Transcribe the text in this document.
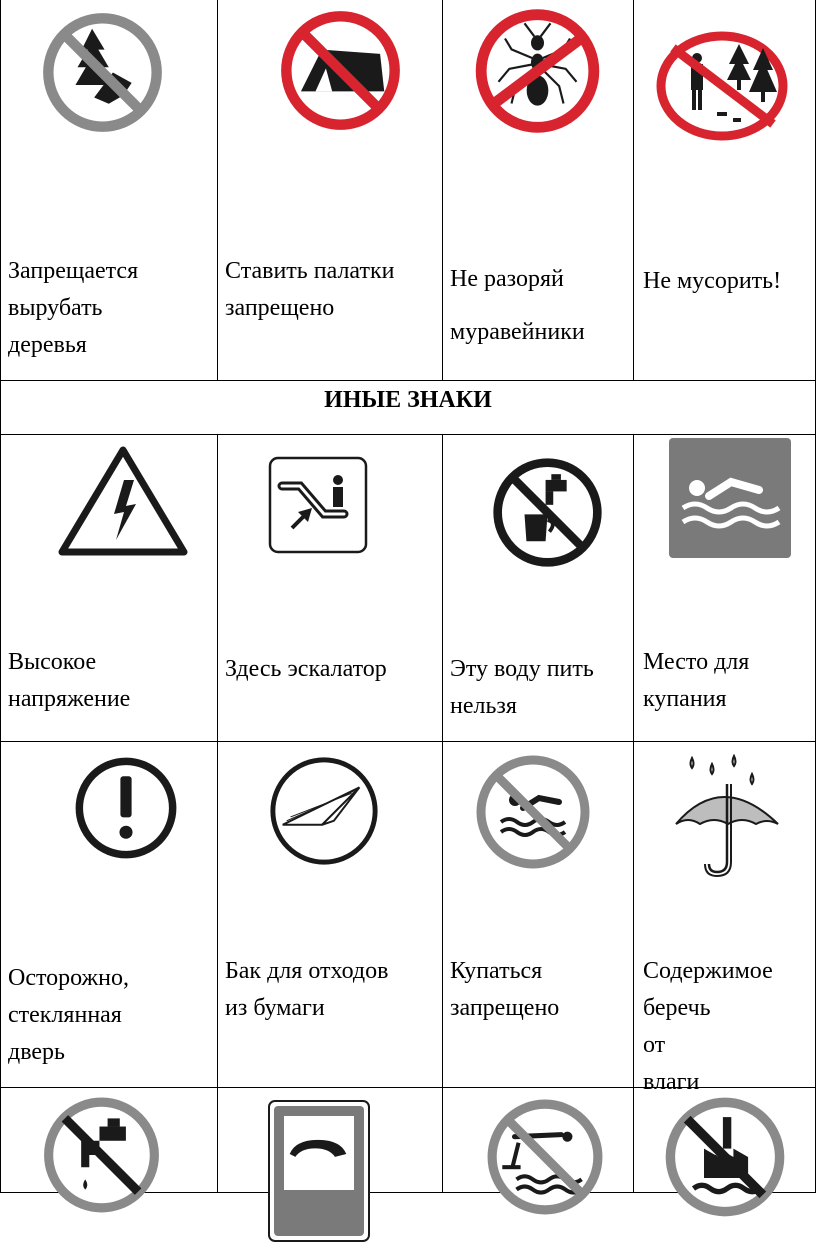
Запрещается
вырубать
деревья
Ставить палатки
запрещено
Не разоряй
муравейники
Не мусорить!
ИНЫЕ ЗНАКИ
Высокое
напряжение
Здесь эскалатор	Эту воду пить
нельзя
Место для
купания
Осторожно,
стеклянная
дверь
Бак для отходов
из бумаги
Купаться
запрещено
Содержимое
беречь
от
влаги
